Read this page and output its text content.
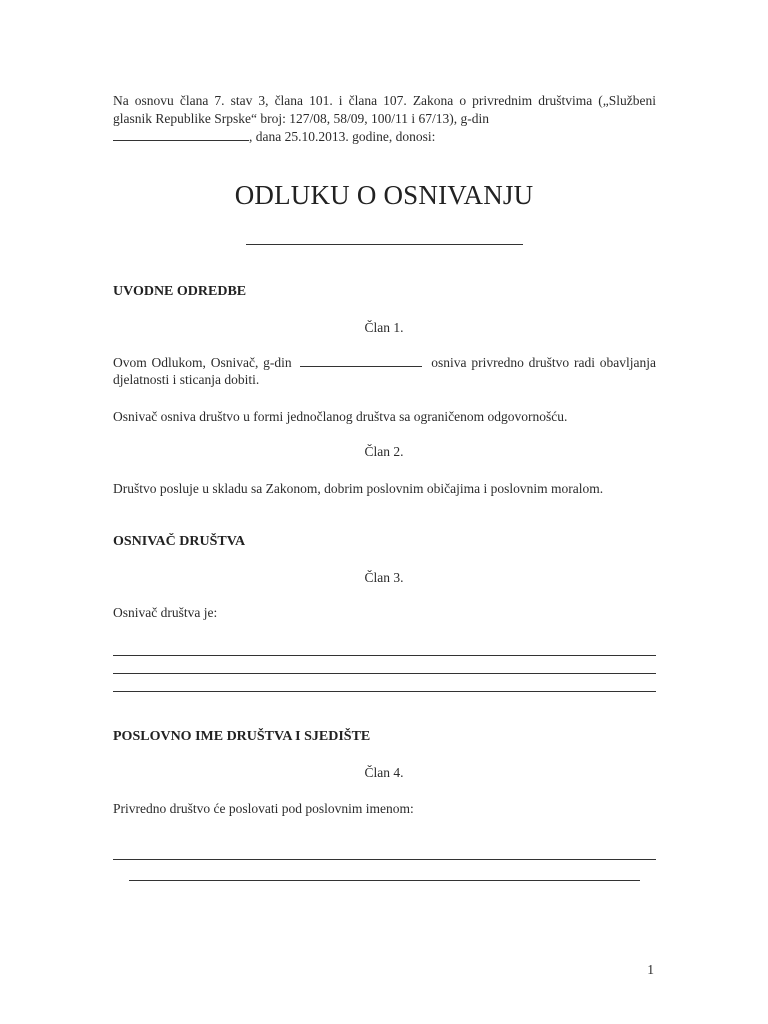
Na osnovu člana 7. stav 3, člana 101. i člana 107. Zakona o privrednim društvima („Službeni glasnik Republike Srpske“ broj: 127/08, 58/09, 100/11 i 67/13), g-din
, dana 25.10.2013. godine, donosi:
ODLUKU O OSNIVANJU
UVODNE ODREDBE
Član 1.
Ovom Odlukom, Osnivač, g-din	osniva privredno društvo radi obavljanja djelatnosti i sticanja dobiti.
Osnivač osniva društvo u formi jednočlanog društva sa ograničenom odgovornošću.
Član 2.
Društvo posluje u skladu sa Zakonom, dobrim poslovnim običajima i poslovnim moralom.
OSNIVAČ DRUŠTVA
Član 3.
Osnivač društva je:
POSLOVNO IME DRUŠTVA I SJEDIŠTE
Član 4.
Privredno društvo će poslovati pod poslovnim imenom:
1
